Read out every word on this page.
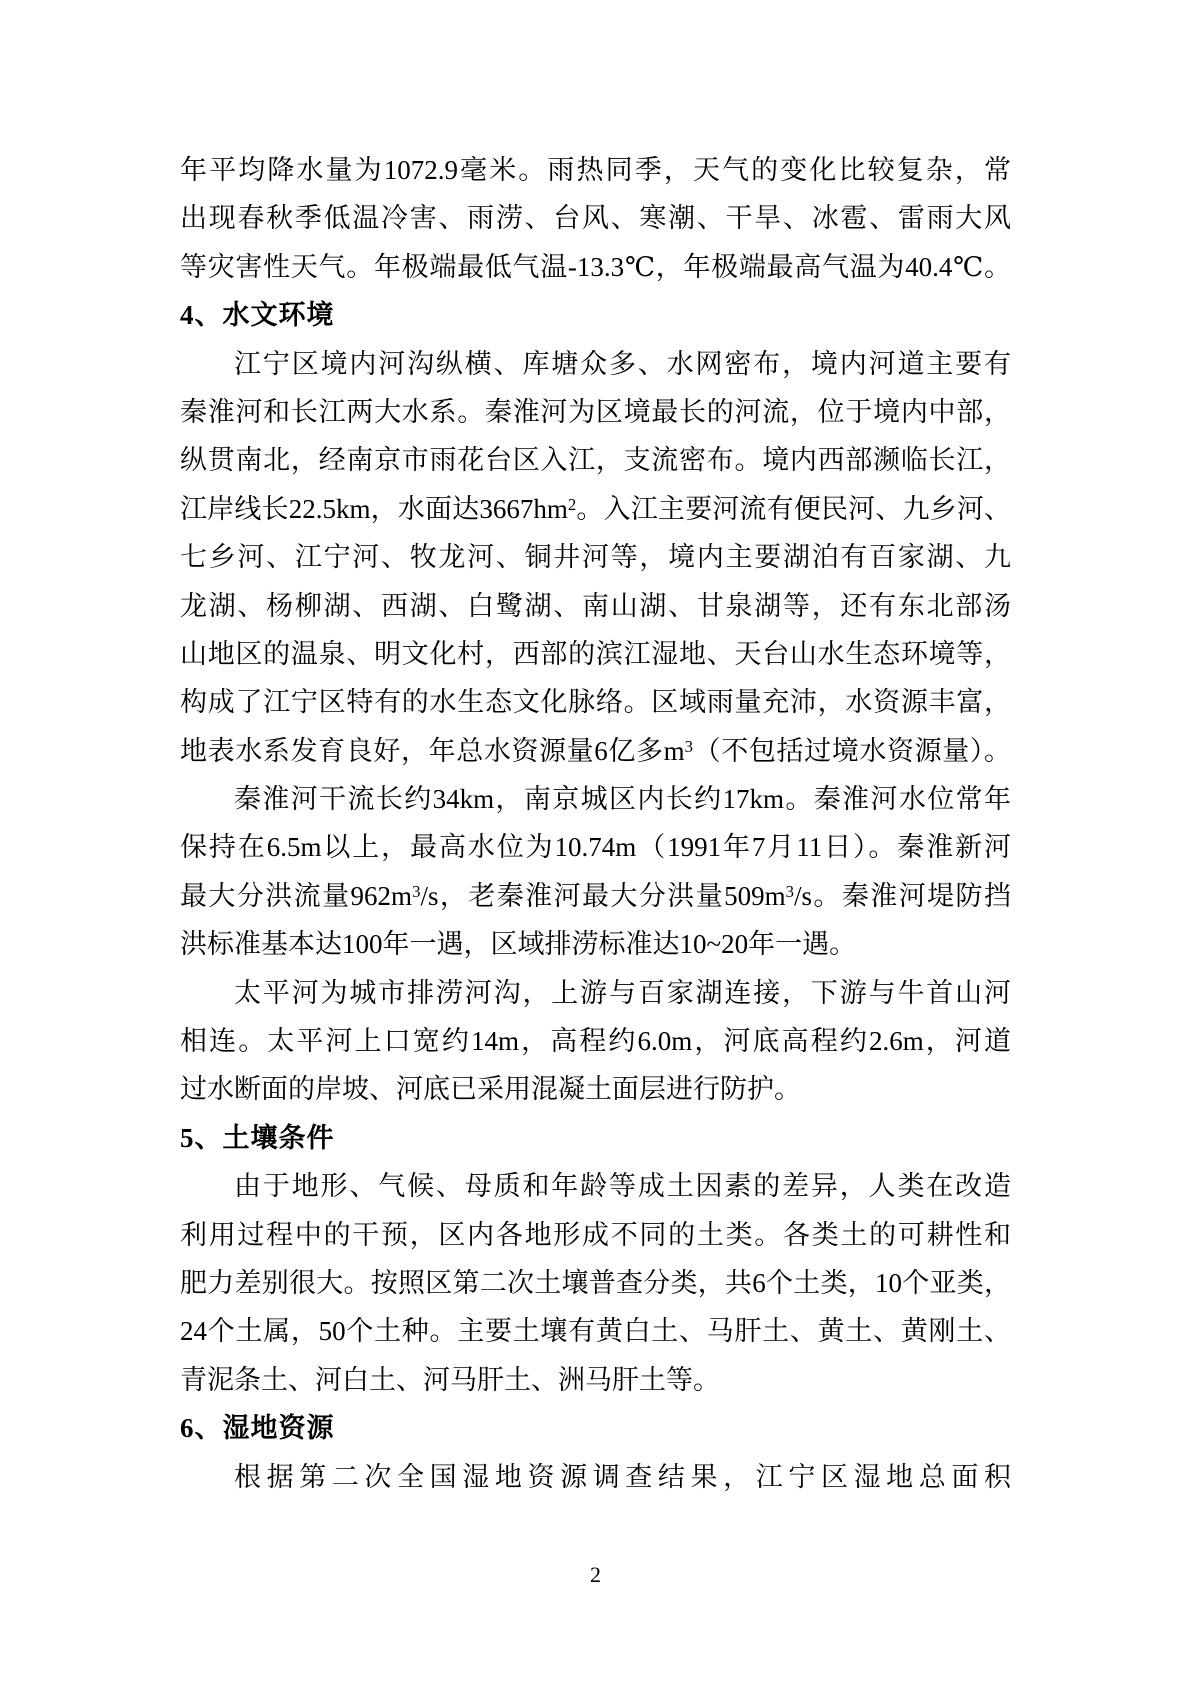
年平均降水量为1072.9毫米。雨热同季，天气的变化比较复杂，常
出现春秋季低温冷害、雨涝、台风、寒潮、干旱、冰雹、雷雨大风
等灾害性天气。年极端最低气温-13.3℃，年极端最高气温为40.4℃。
4、水文环境
江宁区境内河沟纵横、库塘众多、水网密布，境内河道主要有
秦淮河和长江两大水系。秦淮河为区境最长的河流，位于境内中部，
纵贯南北，经南京市雨花台区入江，支流密布。境内西部濒临长江，
江岸线长22.5km，水面达$3667hm^2$。入江主要河流有便民河、九乡河、
七乡河、江宁河、牧龙河、铜井河等，境内主要湖泊有百家湖、九
龙湖、杨柳湖、西湖、白鹭湖、南山湖、甘泉湖等，还有东北部汤
山地区的温泉、明文化村，西部的滨江湿地、天台山水生态环境等，
构成了江宁区特有的水生态文化脉络。区域雨量充沛，水资源丰富，
地表水系发育良好，年总水资源量6亿多$m^3$（不包括过境水资源量）。
秦淮河干流长约34km，南京城区内长约17km。秦淮河水位常年
保持在6.5m以上，最高水位为10.74m（1991年7月11日）。秦淮新河
最大分洪流量$962m^3/s$，老秦淮河最大分洪量$509m^3/s$。秦淮河堤防挡
洪标准基本达100年一遇，区域排涝标准达10~20年一遇。
太平河为城市排涝河沟，上游与百家湖连接，下游与牛首山河
相连。太平河上口宽约14m，高程约6.0m，河底高程约2.6m，河道
过水断面的岸坡、河底已采用混凝土面层进行防护。
5、土壤条件
由于地形、气候、母质和年龄等成土因素的差异，人类在改造
利用过程中的干预，区内各地形成不同的土类。各类土的可耕性和
肥力差别很大。按照区第二次土壤普查分类，共6个土类，10个亚类，
24个土属，50个土种。主要土壤有黄白土、马肝土、黄土、黄刚土、
青泥条土、河白土、河马肝土、洲马肝土等。
6、湿地资源
根据第二次全国湿地资源调查结果，江宁区湿地总面积
2
